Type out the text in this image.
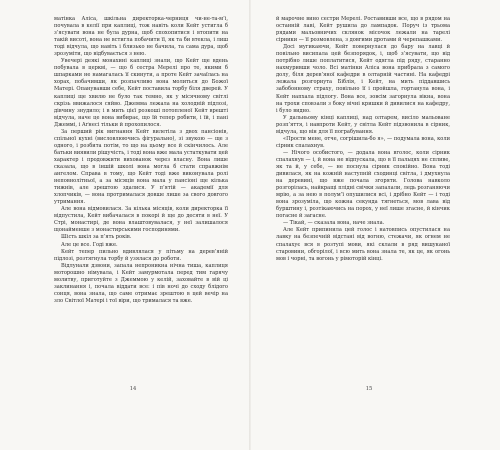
матінка Аліса, шкільна директорка-черниця чи‑не‑та‑м’і, почувала в келії при каплиці, тож навіть коли Кейт устигла б з’ясувати вона не була дурна, щоб спохопитися і втопити на такій висоті, вона не встигла побачити її, як та би втекла, і лиш тоді відчула, що навіть і близько не бачила, та сама дура, щоб зрозуміти, що відбувається з нею.

Увечері деякі монахині каплиці знали, що Кейт ще вдень побувала в церкві, — що б сестра Мерелі про те, якими б шпарками не намагалась її скинути, а проте Кейт зачаїлась на хорах, побачивши, як розпачливо вона молиться до Божої Матері. Опанувавши себе, Кейт поставила торбу біля дверей. У каплиці ще хвилю не було так темно, як у місячному світлі скрізь ввижалося сяйво. Джемма лежала на холодній підлозі, дівчину знудило; і в мить цієї розкоші потопленої Кейт врешті відчула, наче це вона вибирає, що їй тепер робити, і їй, і пані Джеммі, і Аґнесі тільки й прохопилося.

За перший рік вигнання Кейт вилетіла з двох пансіонів, спільної кухні (висловлюючись фігурально), зі звукою — ще з одного, і розбита потім, то що на цьому все й скінчилось. Але батьки виявили рішучість, і тоді вона вже мала устаткувати цей характер і продовжити вихованок через власну. Вона лише сказала, що в іншій школі вона могла б стати справжнім ангелом. Справа в тому, що Кейт тоді вже виконувала ролі неповнолітньої, а за місяців вона мала у пансіоні ще кілька тижнів, але зрештою здалися. У п’ятій — академії для хлопчиків, — вона протрималася довше лише за свого довгого утримання.

Але вона відмовилася. За кілька місяців, коли директорка її відпустила, Кейт вибачалася в покорі й ще до десяти в неї. У Стрі, монастирі, де вона влаштовувалася, у неї залишалося щонайменше з монастирськими господинями.

Шість шкіл за п’ять років.

Але це все. Годі вже.

Кейт тепер пильно вдивлялася у пітьму на дерев’яній підлозі, розтягнула торбу й узялася до роботи.

Відлунали дзвони, запала непроникна нічна тиша, каплиця моторошно німувала, і Кейт замурмотала перед тим гарячу молитву, приготуйте з Джеммою у келій, заховайте в вій ці заклинання і, почала віддати все: і пів ночі до сходу блідого сонця, вона знала, що саме отримає зрештою в цей вечір на зло Світлої Матері і тої віри, що трималася та вже.

14

й марочне вино сестри Мерелі. Роставивши все, що в рядом на останній лаві, Кейт рушила до лампадок. Поруч із трьома рядами мальовничих склянок місочок лежали на тарелі сірники — її розмовлена, з довгими дротами й черепашками.

Досі мугикаючи, Кейт повернулася до бару на лавці й повільно висипала цей безпорядок, і, щоб з’ясувати, що від потрібно лише поплатитися, Кейт одягла під ряду, старанно нахмуривши чоло. Всі матінки Аліса вона прибрала з самого долу, біля дерев’яної кафедри в олтарній частині. На кафедрі лежала розгорнута Біблія, і Кейт, на мить піддавшись забобонному страху, повільно її і пройшла, гортанула вона, і Кейт напхала підлогу. Вона все, зовсім загорнула вікна, вона на трохи сповзали з боку вічні кришки й дивилися на кафедру, і було видно.

У дальньому кінці каплиці, над олтарем, висіло мальоване розп’яття, і навпроти Кейт, у світла Кейт підзвонила в сірник, відчула, що він для її пограбування.

«Прости мене, отче, согрішила-бо я», — подумала вона, коли сірник спалахнув.

— Нічого особистого, — додала вона вголос, коли сірник спалахнув — і, й вона не відпускала, що в її пальцях не спливе, як та й, у себе, — не поснула сірник спокійно. Вона тоді дивилася, як на кожній наступній сходинці світла, і дмухнула на деревині, що вже почала згоряти. Голова навколо розгорілась, найкращі плідні свічки запалали, ледь розганяючи мрію, а за нею в полум’ї опушилися всі, і дрібно Кейт — і тоді вона зрозуміла, що кожна секунда тягнеться, мов лава від бурштину і, розтікаючись на порох, у неї лише згасне, й кінчик погасне й загасне.

— Тікай, — сказала вона, наче знала.

Але Кейт припинила цей голос і натовпись опустилася на лавку на безпечній відстані від вогню, стежачи, як огнем не спалахує вся в розтупі мови, які склали в ряд вишуканої старовини, обгорілої, і всю мить вона знала те, як це, як огонь мов і чорні, та вогонь у рімоторій кінці.

15
